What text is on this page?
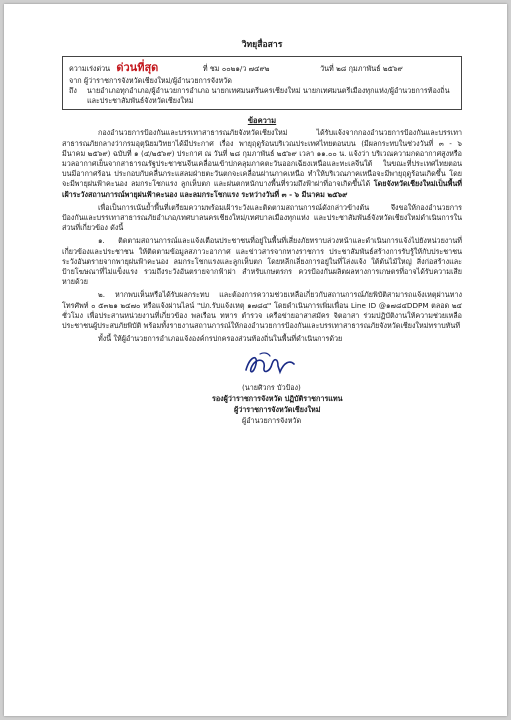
วิทยุสื่อสาร
ความเร่งด่วน ด่วนที่สุด	ที่ ชม ๐๐๒๑/ว ๗๔๙๒	วันที่ ๒๘ กุมภาพันธ์ ๒๕๖๙
จาก ผู้ว่าราชการจังหวัดเชียงใหม่/ผู้อำนวยการจังหวัด
ถึง	นายอำเภอทุกอำเภอ/ผู้อำนวยการอำเภอ นายกเทศมนตรีนครเชียงใหม่ นายกเทศมนตรีเมืองทุกแห่ง/ผู้อำนวยการท้องถิ่น และประชาสัมพันธ์จังหวัดเชียงใหม่
ข้อความ

กองอำนวยการป้องกันและบรรเทาสาธารณภัยจังหวัดเชียงใหม่ ได้รับแจ้งจากกองอำนวยการป้องกันและบรรเทาสาธารณภัยกลางว่ากรมอุตุนิยมวิทยาได้มีประกาศ เรื่อง พายุฤดูร้อนบริเวณประเทศไทยตอนบน (มีผลกระทบในช่วงวันที่ ๓ - ๖ มีนาคม ๒๕๖๙) ฉบับที่ ๑ (๔/๒๕๖๙) ประกาศ ณ วันที่ ๒๘ กุมภาพันธ์ ๒๕๖๙ เวลา ๑๑.๐๐ น. แจ้งว่า บริเวณความกดอากาศสูงหรือมวลอากาศเย็นจากสาธารณรัฐประชาชนจีนเคลื่อนเข้าปกคลุมภาคตะวันออกเฉียงเหนือและทะเลจีนใต้ ในขณะที่ประเทศไทยตอนบนมีอากาศร้อน ประกอบกับคลื่นกระแสลมฝ่ายตะวันตกจะเคลื่อนผ่านภาคเหนือ ทำให้บริเวณภาคเหนือจะมีพายุฤดูร้อนเกิดขึ้น โดยจะมีพายุฝนฟ้าคะนอง ลมกระโชกแรง ลูกเห็บตก และฝนตกหนักบางพื้นที่รวมถึงฟ้าผ่าที่อาจเกิดขึ้นได้ โดยจังหวัดเชียงใหม่เป็นพื้นที่เฝ้าระวังสถานการณ์พายุฝนฟ้าคะนอง และลมกระโชกแรง ระหว่างวันที่ ๓ - ๖ มีนาคม ๒๕๖๙

เพื่อเป็นการเน้นย้ำพื้นที่เตรียมความพร้อมเฝ้าระวังและติดตามสถานการณ์ดังกล่าวข้างต้น จึงขอให้กองอำนวยการป้องกันและบรรเทาสาธารณภัยอำเภอ/เทศบาลนครเชียงใหม่/เทศบาลเมืองทุกแห่ง และประชาสัมพันธ์จังหวัดเชียงใหม่ดำเนินการในส่วนที่เกี่ยวข้อง ดังนี้

๑. ติดตามสถานการณ์และแจ้งเตือนประชาชนที่อยู่ในพื้นที่เสี่ยงภัยทราบล่วงหน้าและดำเนินการแจ้งไปยังหน่วยงานที่เกี่ยวข้องและประชาชน ให้ติดตามข้อมูลสภาวะอากาศ และข่าวสารจากทางราชการ ประชาสัมพันธ์สร้างการรับรู้ให้กับประชาชน ระวังอันตรายจากพายุฝนฟ้าคะนอง ลมกระโชกแรงและลูกเห็บตก โดยหลีกเลี่ยงการอยู่ในที่โล่งแจ้ง ใต้ต้นไม้ใหญ่ สิ่งก่อสร้างและป้ายโฆษณาที่ไม่แข็งแรง รวมถึงระวังอันตรายจากฟ้าผ่า สำหรับเกษตรกร ควรป้องกันผลิตผลทางการเกษตรที่อาจได้รับความเสียหายด้วย

๒. หากพบเห็นหรือได้รับผลกระทบ และต้องการความช่วยเหลือเกี่ยวกับสถานการณ์ภัยพิบัติสามารถแจ้งเหตุผ่านทางโทรศัพท์ ๐ ๕๓๒๑ ๒๔๗๐ หรือแจ้งผ่านไลน์ "ปภ.รับแจ้งเหตุ ๑๗๘๔" โดยดำเนินการเพิ่มเพื่อน Line ID @๑๗๘๔DDPM ตลอด ๒๔ ชั่วโมง เพื่อประสานหน่วยงานที่เกี่ยวข้อง พลเรือน ทหาร ตำรวจ เครือข่ายอาสาสมัคร จิตอาสา ร่วมปฏิบัติงานให้ความช่วยเหลือประชาชนผู้ประสบภัยพิบัติ พร้อมทั้งรายงานสถานการณ์ให้กองอำนวยการป้องกันและบรรเทาสาธารณภัยจังหวัดเชียงใหม่ทราบทันที

ทั้งนี้ ให้ผู้อำนวยการอำเภอแจ้งองค์กรปกครองส่วนท้องถิ่นในพื้นที่ดำเนินการด้วย

(นายศิวกร บัวป้อง)
รองผู้ว่าราชการจังหวัด ปฏิบัติราชการแทน
ผู้ว่าราชการจังหวัดเชียงใหม่
ผู้อำนวยการจังหวัด
